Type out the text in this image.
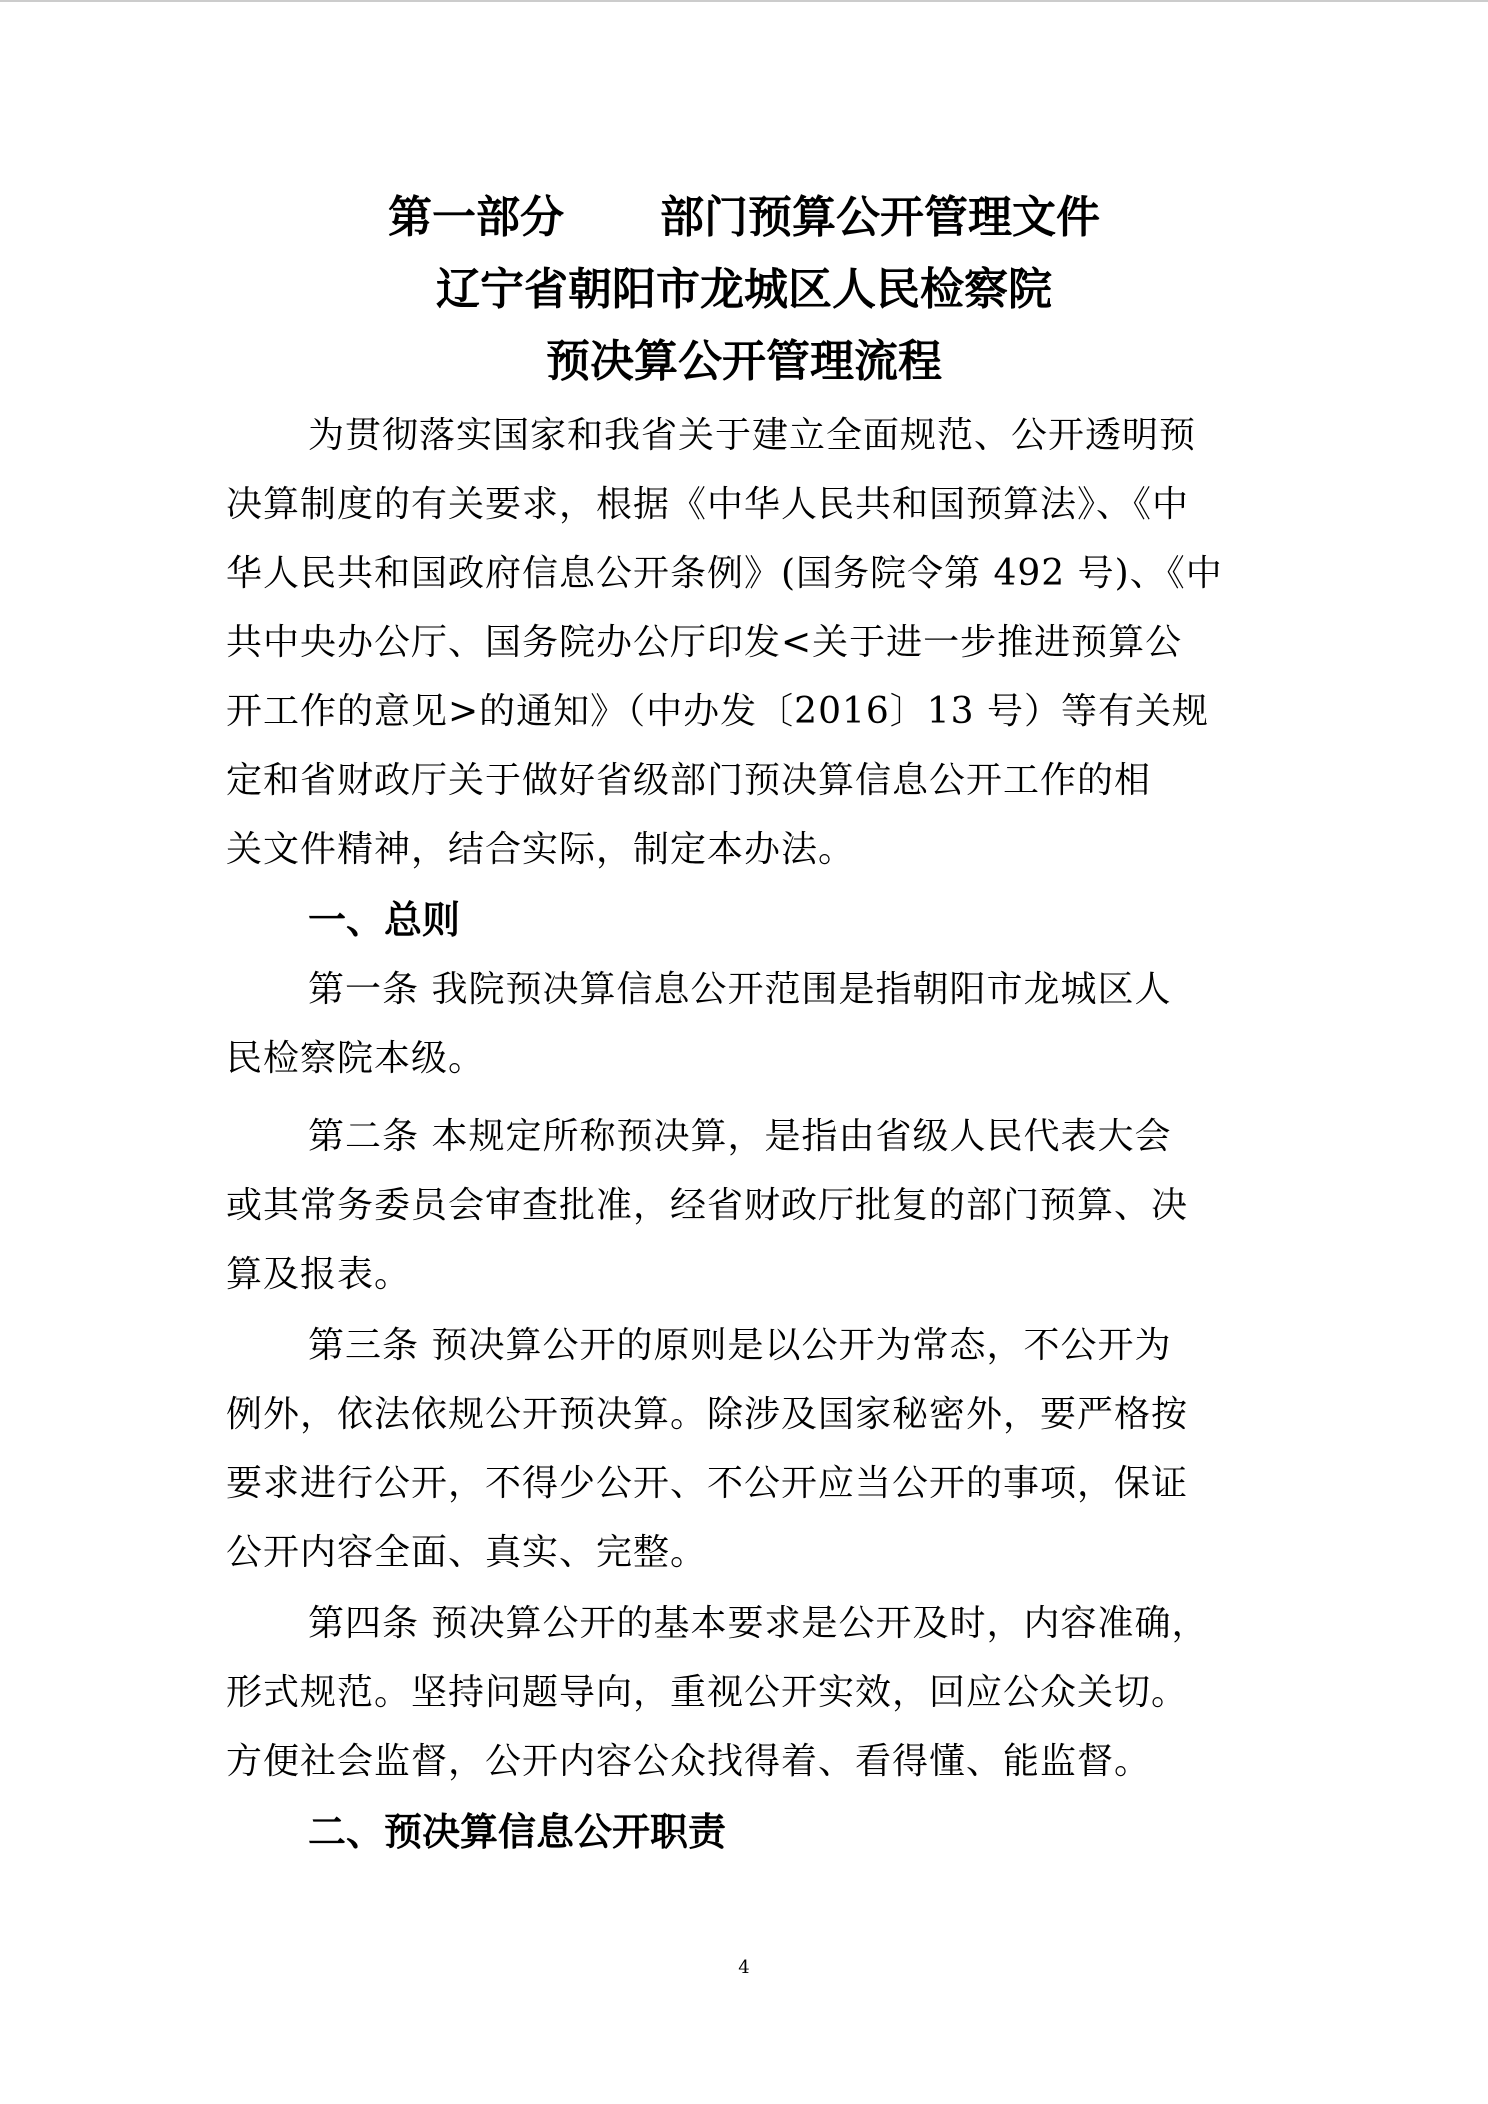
第一部分 部门预算公开管理文件
辽宁省朝阳市龙城区人民检察院
预决算公开管理流程
为贯彻落实国家和我省关于建立全面规范、公开透明预
决算制度的有关要求，根据《中华人民共和国预算法》、《中
华人民共和国政府信息公开条例》(国务院令第 492 号)、《中
共中央办公厅、国务院办公厅印发<关于进一步推进预算公
开工作的意见>的通知》（中办发〔2016〕13 号）等有关规
定和省财政厅关于做好省级部门预决算信息公开工作的相
关文件精神，结合实际，制定本办法。
一、总则
第一条 我院预决算信息公开范围是指朝阳市龙城区人
民检察院本级。
第二条 本规定所称预决算，是指由省级人民代表大会
或其常务委员会审查批准，经省财政厅批复的部门预算、决
算及报表。
第三条 预决算公开的原则是以公开为常态，不公开为
例外，依法依规公开预决算。除涉及国家秘密外，要严格按
要求进行公开，不得少公开、不公开应当公开的事项，保证
公开内容全面、真实、完整。
第四条 预决算公开的基本要求是公开及时，内容准确，
形式规范。坚持问题导向，重视公开实效，回应公众关切。
方便社会监督，公开内容公众找得着、看得懂、能监督。
二、预决算信息公开职责
4
